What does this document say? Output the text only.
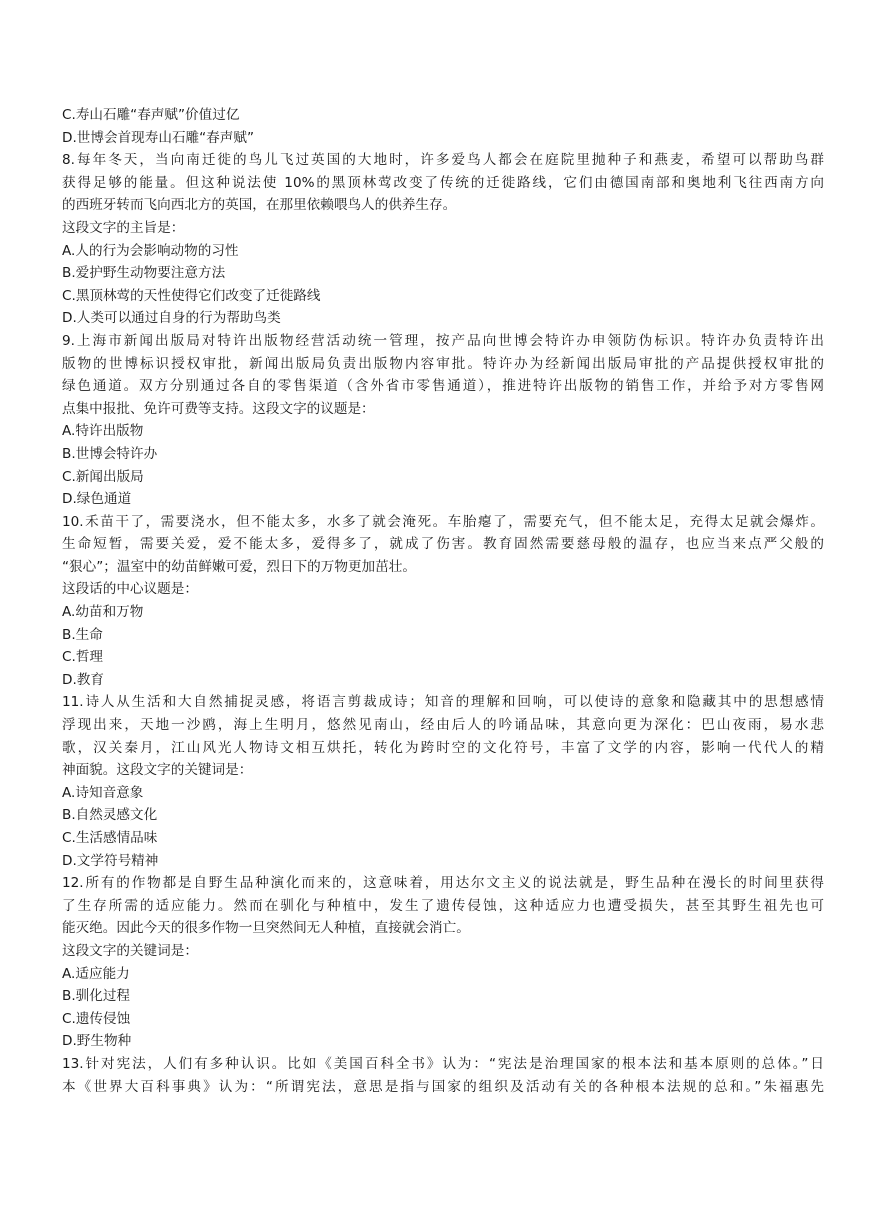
C.寿山石雕“春声赋”价值过亿
D.世博会首现寿山石雕“春声赋”
8.每年冬天，当向南迁徙的鸟儿飞过英国的大地时，许多爱鸟人都会在庭院里抛种子和燕麦，希望可以帮助鸟群
获得足够的能量。但这种说法使 10%的黑顶林莺改变了传统的迁徙路线，它们由德国南部和奥地利飞往西南方向
的西班牙转而飞向西北方的英国，在那里依赖喂鸟人的供养生存。
这段文字的主旨是：
A.人的行为会影响动物的习性
B.爱护野生动物要注意方法
C.黑顶林莺的天性使得它们改变了迁徙路线
D.人类可以通过自身的行为帮助鸟类
9.上海市新闻出版局对特许出版物经营活动统一管理，按产品向世博会特许办申领防伪标识。特许办负责特许出
版物的世博标识授权审批，新闻出版局负责出版物内容审批。特许办为经新闻出版局审批的产品提供授权审批的
绿色通道。双方分别通过各自的零售渠道（含外省市零售通道），推进特许出版物的销售工作，并给予对方零售网
点集中报批、免许可费等支持。这段文字的议题是：
A.特许出版物
B.世博会特许办
C.新闻出版局
D.绿色通道
10.禾苗干了，需要浇水，但不能太多，水多了就会淹死。车胎瘪了，需要充气，但不能太足，充得太足就会爆炸。
生命短暂，需要关爱，爱不能太多，爱得多了，就成了伤害。教育固然需要慈母般的温存，也应当来点严父般的
“狠心”；温室中的幼苗鲜嫩可爱，烈日下的万物更加茁壮。
这段话的中心议题是：
A.幼苗和万物
B.生命
C.哲理
D.教育
11.诗人从生活和大自然捕捉灵感，将语言剪裁成诗；知音的理解和回响，可以使诗的意象和隐藏其中的思想感情
浮现出来，天地一沙鸥，海上生明月，悠然见南山，经由后人的吟诵品味，其意向更为深化：巴山夜雨，易水悲
歌，汉关秦月，江山风光人物诗文相互烘托，转化为跨时空的文化符号，丰富了文学的内容，影响一代代人的精
神面貌。这段文字的关键词是：
A.诗知音意象
B.自然灵感文化
C.生活感情品味
D.文学符号精神
12.所有的作物都是自野生品种演化而来的，这意味着，用达尔文主义的说法就是，野生品种在漫长的时间里获得
了生存所需的适应能力。然而在驯化与种植中，发生了遗传侵蚀，这种适应力也遭受损失，甚至其野生祖先也可
能灭绝。因此今天的很多作物一旦突然间无人种植，直接就会消亡。
这段文字的关键词是：
A.适应能力
B.驯化过程
C.遗传侵蚀
D.野生物种
13.针对宪法，人们有多种认识。比如《美国百科全书》认为：“宪法是治理国家的根本法和基本原则的总体。”日
本《世界大百科事典》认为：“所谓宪法，意思是指与国家的组织及活动有关的各种根本法规的总和。”朱福惠先
